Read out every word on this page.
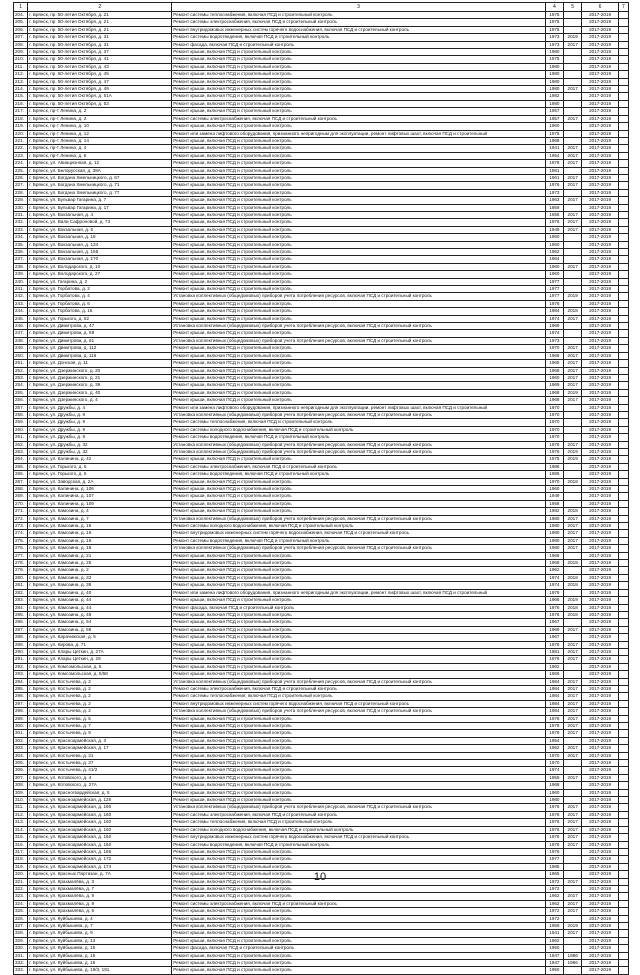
1	2	3	4	5	6	7
204.	г. Брянск, пр. 50-летия Октября, д. 21	Ремонт системы теплоснабжения, включая ПСД и строительный контроль	1975		2017-2019	
205.	г. Брянск, пр. 50-летия Октября, д. 21	Ремонт системы электроснабжения, включая ПСД и строительный контроль	1975		2017-2019	
206.	г. Брянск, пр. 50-летия Октября, д. 21	Ремонт внутридомовых инженерных систем горячего водоснабжения, включая ПСД и строительный контроль	1975		2017-2019	
207.	г. Брянск, пр. 50-летия Октября, д. 31	Ремонт системы водоотведения, включая ПСД и строительный контроль	1973	2019	2017-2019	
208.	г. Брянск, пр. 50-летия Октября, д. 31	Ремонт фасада, включая ПСД и строительный контроль	1973	2017	2017-2019	
209.	г. Брянск, пр. 50-летия Октября, д. 37	Ремонт крыши, включая ПСД и строительный контроль	1980		2017-2019	
210.	г. Брянск, пр. 50-летия Октября, д. 41	Ремонт крыши, включая ПСД и строительный контроль	1975		2017-2019	
211.	г. Брянск, пр. 50-летия Октября, д. 43	Ремонт крыши, включая ПСД и строительный контроль	1980		2017-2019	
212.	г. Брянск, пр. 50-летия Октября, д. 45	Ремонт крыши, включая ПСД и строительный контроль	1980		2017-2019	
213.	г. Брянск, пр. 50-летия Октября, д. 47	Ремонт крыши, включая ПСД и строительный контроль	1980		2017-2019	
214.	г. Брянск, пр. 50-летия Октября, д. 49	Ремонт крыши, включая ПСД и строительный контроль	1980	2017	2017-2019	
215.	г. Брянск, пр. 50-летия Октября, д. 51А	Ремонт крыши, включая ПСД и строительный контроль	1982		2017-2019	
216.	г. Брянск, пр. 50-летия Октября, д. 53	Ремонт крыши, включая ПСД и строительный контроль	1980		2017-2019	
217.	г. Брянск, пр-т Ленина, д. 2	Ремонт крыши, включая ПСД и строительный контроль	1957		2017-2019	
218.	г. Брянск, пр-т Ленина, д. 2	Ремонт системы электроснабжения, включая ПСД и строительный контроль	1957	2017	2017-2019	
219.	г. Брянск, пр-т Ленина, д. 10	Ремонт крыши, включая ПСД и строительный контроль	1960		2017-2019	
220.	г. Брянск, пр-т Ленина, д. 12	Ремонт или замена лифтового оборудования, признанного непригодным для эксплуатации, ремонт лифтовых шахт, включая ПСД и строительный	1975		2017-2019	
221.	г. Брянск, пр-т Ленина, д. 14	Ремонт крыши, включая ПСД и строительный контроль	1968		2017-2019	
222.	г. Брянск, пр-т Ленина, д. 4	Ремонт крыши, включая ПСД и строительный контроль	1941	2017	2017-2019	
223.	г. Брянск, пр-т Ленина, д. 6	Ремонт крыши, включая ПСД и строительный контроль	1954	2017	2017-2019	
224.	г. Брянск, ул. Авиационная, д. 12	Ремонт крыши, включая ПСД и строительный контроль	1978	2017	2017-2019	
225.	г. Брянск, ул. Белорусская, д. 38А	Ремонт крыши, включая ПСД и строительный контроль	1981		2017-2019	
226.	г. Брянск, ул. Богдана Хмельницкого, д. 67	Ремонт крыши, включая ПСД и строительный контроль	1961	2017	2017-2019	
227.	г. Брянск, ул. Богдана Хмельницкого, д. 71	Ремонт крыши, включая ПСД и строительный контроль	1976	2017	2017-2019	
228.	г. Брянск, ул. Богдана Хмельницкого, д. 77	Ремонт крыши, включая ПСД и строительный контроль	1973		2017-2019	
229.	г. Брянск, ул. Бульвар Гагарина, д. 7	Ремонт крыши, включая ПСД и строительный контроль	1963	2017	2017-2019	
230.	г. Брянск, ул. Бульвар Гагарина, д. 17	Ремонт крыши, включая ПСД и строительный контроль	1959		2017-2019	
231.	г. Брянск, ул. Вокзальная, д. 4	Ремонт крыши, включая ПСД и строительный контроль	1956	2017	2017-2019	
232.	г. Брянск, ул. Вали Сафроновой, д. 73	Ремонт крыши, включая ПСД и строительный контроль	1976	2017	2017-2019	
233.	г. Брянск, ул. Вокзальная, д. 6	Ремонт крыши, включая ПСД и строительный контроль	1949	2017	2017-2019	
234.	г. Брянск, ул. Вокзальная, д. 18	Ремонт крыши, включая ПСД и строительный контроль	1960		2017-2019	
235.	г. Брянск, ул. Вокзальная, д. 134	Ремонт крыши, включая ПСД и строительный контроль	1960		2017-2019	
236.	г. Брянск, ул. Вокзальная, д. 158	Ремонт крыши, включая ПСД и строительный контроль	1962		2017-2019	
237.	г. Брянск, ул. Вокзальная, д. 170	Ремонт крыши, включая ПСД и строительный контроль	1964		2017-2019	
238.	г. Брянск, ул. Володарского, д. 10	Ремонт крыши, включая ПСД и строительный контроль	1960	2017	2017-2019	
239.	г. Брянск, ул. Володарского, д. 27	Ремонт крыши, включая ПСД и строительный контроль	1960		2017-2019	
240.	г. Брянск, ул. Гагарина, д. 2	Ремонт крыши, включая ПСД и строительный контроль	1977		2017-2019	
241.	г. Брянск, ул. Горбатова, д. 2	Ремонт крыши, включая ПСД и строительный контроль	1977		2017-2019	
242.	г. Брянск, ул. Горбатова, д. 4	Установка коллективных (общедомовых) приборов учета потребления ресурсов, включая ПСД и строительный контроль	1977	2019	2017-2019	
243.	г. Брянск, ул. Горбатова, д. 6	Ремонт крыши, включая ПСД и строительный контроль	1976		2017-2019	
244.	г. Брянск, ул. Горбатова, д. 15	Ремонт крыши, включая ПСД и строительный контроль	1984	2018	2017-2019	
245.	г. Брянск, ул. Горького, д. 52	Ремонт крыши, включая ПСД и строительный контроль	1974	2017	2017-2019	
246.	г. Брянск, ул. Димитрова, д. 47	Установка коллективных (общедомовых) приборов учета потребления ресурсов, включая ПСД и строительный контроль	1969		2017-2019	
247.	г. Брянск, ул. Димитрова, д. 59	Ремонт крыши, включая ПСД и строительный контроль	1974		2017-2019	
248.	г. Брянск, ул. Димитрова, д. 61	Установка коллективных (общедомовых) приборов учета потребления ресурсов, включая ПСД и строительный контроль	1973		2017-2019	
249.	г. Брянск, ул. Димитрова, д. 112	Ремонт крыши, включая ПСД и строительный контроль	1970	2017	2017-2019	
250.	г. Брянск, ул. Димитрова, д. 116	Ремонт крыши, включая ПСД и строительный контроль	1968	2017	2017-2019	
251.	г. Брянск, ул. Донская, д. 11	Ремонт крыши, включая ПСД и строительный контроль	1965	2017	2017-2019	
252.	г. Брянск, ул. Дзержинского, д. 20	Ремонт крыши, включая ПСД и строительный контроль	1968	2017	2017-2019	
253.	г. Брянск, ул. Дзержинского, д. 21	Ремонт крыши, включая ПСД и строительный контроль	1960	2017	2017-2019	
254.	г. Брянск, ул. Дзержинского, д. 39	Ремонт крыши, включая ПСД и строительный контроль	1969	2017	2017-2019	
255.	г. Брянск, ул. Дзержинского, д. 40	Ремонт крыши, включая ПСД и строительный контроль	1968	2019	2017-2019	
256.	г. Брянск, ул. Дзержинского, д. 4	Ремонт крыши, включая ПСД и строительный контроль	1968	2017	2017-2019	
257.	г. Брянск, ул. Дружбы, д. 4	Ремонт или замена лифтового оборудования, признанного непригодным для эксплуатации, ремонт лифтовых шахт, включая ПСД и строительный	1970		2017-2019	
258.	г. Брянск, ул. Дружбы, д. 9	Установка коллективных (общедомовых) приборов учета потребления ресурсов, включая ПСД и строительный контроль	1970		2017-2019	
259.	г. Брянск, ул. Дружбы, д. 9	Ремонт системы теплоснабжения, включая ПСД и строительный контроль	1970		2017-2019	
260.	г. Брянск, ул. Дружбы, д. 9	Ремонт системы холодного водоснабжения, включая ПСД и строительный контроль	1970		2017-2019	
261.	г. Брянск, ул. Дружбы, д. 9	Ремонт системы водоотведения, включая ПСД и строительный контроль	1970		2017-2019	
262.	г. Брянск, ул. Дружбы, д. 32	Установка коллективных (общедомовых) приборов учета потребления ресурсов, включая ПСД и строительный контроль	1976	2017	2017-2019	
263.	г. Брянск, ул. Дружбы, д. 32	Установка коллективных (общедомовых) приборов учета потребления ресурсов, включая ПСД и строительный контроль	1976	2019	2017-2019	
264.	г. Брянск, ул. Калинина, д. 42	Ремонт крыши, включая ПСД и строительный контроль	1975	2019	2017-2019	
265.	г. Брянск, ул. Горького, д. 6	Ремонт системы электроснабжения, включая ПСД и строительный контроль	1986		2017-2019	
266.	г. Брянск, ул. Горького, д. 6	Ремонт системы водоотведения, включая ПСД и строительный контроль	1986		2017-2019	
267.	г. Брянск, ул. Заводская, д. 2А	Ремонт крыши, включая ПСД и строительный контроль	1970	2018	2017-2019	
268.	г. Брянск, ул. Калинина, д. 106	Ремонт крыши, включая ПСД и строительный контроль	1960		2017-2019	
269.	г. Брянск, ул. Калинина, д. 107	Ремонт крыши, включая ПСД и строительный контроль	1949		2017-2019	
270.	г. Брянск, ул. Калинина, д. 109	Ремонт крыши, включая ПСД и строительный контроль	1958		2017-2019	
271.	г. Брянск, ул. Камозина, д. 4	Ремонт крыши, включая ПСД и строительный контроль	1982	2018	2017-2019	
272.	г. Брянск, ул. Камозина, д. 7	Установка коллективных (общедомовых) приборов учета потребления ресурсов, включая ПСД и строительный контроль	1980	2017	2017-2019	
273.	г. Брянск, ул. Камозина, д. 16	Ремонт системы холодного водоснабжения, включая ПСД и строительный контроль	1980	2017	2017-2019	
274.	г. Брянск, ул. Камозина, д. 16	Ремонт внутридомовых инженерных систем горячего водоснабжения, включая ПСД и строительный контроль	1980	2017	2017-2019	
275.	г. Брянск, ул. Камозина, д. 16	Ремонт системы водоотведения, включая ПСД и строительный контроль	1980	2017	2017-2019	
276.	г. Брянск, ул. Камозина, д. 18	Установка коллективных (общедомовых) приборов учета потребления ресурсов, включая ПСД и строительный контроль	1980	2017	2017-2019	
277.	г. Брянск, ул. Камозина, д. 21	Ремонт крыши, включая ПСД и строительный контроль	1968		2017-2019	
278.	г. Брянск, ул. Камозина, д. 25	Ремонт крыши, включая ПСД и строительный контроль	1968	2018	2017-2019	
279.	г. Брянск, ул. Камозина, д. 2	Ремонт крыши, включая ПСД и строительный контроль	1962		2017-2019	
280.	г. Брянск, ул. Камозина, д. 32	Ремонт крыши, включая ПСД и строительный контроль	1974	2018	2017-2019	
281.	г. Брянск, ул. Камозина, д. 36	Ремонт крыши, включая ПСД и строительный контроль	1974	2018	2017-2019	
282.	г. Брянск, ул. Камозина, д. 40	Ремонт или замена лифтового оборудования, признанного непригодным для эксплуатации, ремонт лифтовых шахт, включая ПСД и строительный	1976		2017-2019	
283.	г. Брянск, ул. Камозина, д. 44	Ремонт крыши, включая ПСД и строительный контроль	1966	2019	2017-2019	
284.	г. Брянск, ул. Камозина, д. 44	Ремонт фасада, включая ПСД и строительный контроль	1976	2018	2017-2019	
285.	г. Брянск, ул. Камозина, д. 48	Ремонт крыши, включая ПСД и строительный контроль	1976	2018	2017-2019	
286.	г. Брянск, ул. Камозина, д. 54	Ремонт крыши, включая ПСД и строительный контроль	1967		2017-2019	
287.	г. Брянск, ул. Камозина, д. 56	Ремонт крыши, включая ПСД и строительный контроль	1969	2017	2017-2019	
288.	г. Брянск, ул. Карачижская, д. 5	Ремонт крыши, включая ПСД и строительный контроль	1967		2017-2019	
289.	г. Брянск, ул. Кирова, д. 71	Ремонт крыши, включая ПСД и строительный контроль	1976	2017	2017-2019	
290.	г. Брянск, ул. Клары Цеткин, д. 27А	Ремонт крыши, включая ПСД и строительный контроль	1981	2017	2017-2019	
291.	г. Брянск, ул. Клары Цеткин, д. 29	Ремонт крыши, включая ПСД и строительный контроль	1976	2017	2017-2019	
292.	г. Брянск, ул. Комсомольская, д. 5	Ремонт крыши, включая ПСД и строительный контроль	1962		2017-2019	
293.	г. Брянск, ул. Комсомольская, д. 5/58	Ремонт крыши, включая ПСД и строительный контроль	1966		2017-2019	
294.	г. Брянск, ул. Костычева, д. 2	Установка коллективных (общедомовых) приборов учета потребления ресурсов, включая ПСД и строительный контроль	1984	2017	2017-2019	
295.	г. Брянск, ул. Костычева, д. 2	Ремонт системы электроснабжения, включая ПСД и строительный контроль	1984	2017	2017-2019	
296.	г. Брянск, ул. Костычева, д. 2	Ремонт системы теплоснабжения, включая ПСД и строительный контроль	1984	2017	2017-2019	
297.	г. Брянск, ул. Костычева, д. 2	Ремонт внутридомовых инженерных систем горячего водоснабжения, включая ПСД и строительный контроль	1984	2017	2017-2019	
298.	г. Брянск, ул. Костычева, д. 2	Установка коллективных (общедомовых) приборов учета потребления ресурсов, включая ПСД и строительный контроль	1984	2017	2017-2019	
299.	г. Брянск, ул. Костычева, д. 5	Ремонт крыши, включая ПСД и строительный контроль	1976	2017	2017-2019	
300.	г. Брянск, ул. Костычева, д. 7	Ремонт крыши, включая ПСД и строительный контроль	1978	2017	2017-2019	
301.	г. Брянск, ул. Костычева, д. 9	Ремонт крыши, включая ПСД и строительный контроль	1978	2017	2017-2019	
302.	г. Брянск, ул. Красноармейская, д. 3	Ремонт крыши, включая ПСД и строительный контроль	1954		2017-2019	
303.	г. Брянск, ул. Красноармейская, д. 17	Ремонт крыши, включая ПСД и строительный контроль	1962	2017	2017-2019	
304.	г. Брянск, ул. Костычева, д. 31	Ремонт крыши, включая ПСД и строительный контроль	1970	2017	2017-2019	
305.	г. Брянск, ул. Костычева, д. 37	Ремонт крыши, включая ПСД и строительный контроль	1970		2017-2019	
306.	г. Брянск, ул. Костычева, д. 41/2	Ремонт крыши, включая ПСД и строительный контроль	1974		2017-2019	
307.	г. Брянск, ул. Котовского, д. 4	Ремонт крыши, включая ПСД и строительный контроль	1959	2017	2017-2019	
308.	г. Брянск, ул. Котовского, д. 27А	Ремонт крыши, включая ПСД и строительный контроль	1968		2017-2019	
309.	г. Брянск, ул. Красногвардейская, д. 5	Ремонт крыши, включая ПСД и строительный контроль	1960		2017-2019	
310.	г. Брянск, ул. Красноармейская, д. 126	Ремонт крыши, включая ПСД и строительный контроль	1980		2017-2019	
311.	г. Брянск, ул. Красноармейская, д. 160	Установка коллективных (общедомовых) приборов учета потребления ресурсов, включая ПСД и строительный контроль	1976	2017	2017-2019	
312.	г. Брянск, ул. Красноармейская, д. 160	Ремонт системы электроснабжения, включая ПСД и строительный контроль	1976	2017	2017-2019	
313.	г. Брянск, ул. Красноармейская, д. 160	Ремонт системы теплоснабжения, включая ПСД и строительный контроль	1976	2017	2017-2019	
314.	г. Брянск, ул. Красноармейская, д. 160	Ремонт системы холодного водоснабжения, включая ПСД и строительный контроль	1976	2017	2017-2019	
315.	г. Брянск, ул. Красноармейская, д. 160	Ремонт внутридомовых инженерных систем горячего водоснабжения, включая ПСД и строительный контроль	1976	2017	2017-2019	
316.	г. Брянск, ул. Красноармейская, д. 160	Ремонт системы водоотведения, включая ПСД и строительный контроль	1976	2017	2017-2019	
317.	г. Брянск, ул. Красноармейская, д. 166	Ремонт крыши, включая ПСД и строительный контроль	1976		2017-2019	
318.	г. Брянск, ул. Красноармейская, д. 172	Ремонт крыши, включая ПСД и строительный контроль	1977		2017-2019	
319.	г. Брянск, ул. Красноармейская, д. 174	Ремонт крыши, включая ПСД и строительный контроль	1985		2017-2019	
320.	г. Брянск, ул. Красных Партизан, д. 7А	Ремонт крыши, включая ПСД и строительный контроль	1965		2017-2019	
321.	г. Брянск, ул. Крахмалёва, д. 3	Ремонт крыши, включая ПСД и строительный контроль	1972	2017	2017-2019	
322.	г. Брянск, ул. Крахмалёва, д. 7	Ремонт крыши, включая ПСД и строительный контроль	1972		2017-2019	
323.	г. Брянск, ул. Крахмалёва, д. 9	Ремонт крыши, включая ПСД и строительный контроль	1962	2017	2017-2019	
324.	г. Брянск, ул. Крахмалёва, д. 9	Ремонт системы электроснабжения, включая ПСД и строительный контроль	1962	2017	2017-2019	
325.	г. Брянск, ул. Крахмалёва, д. 5	Ремонт крыши, включая ПСД и строительный контроль	1972	2017	2017-2019	
326.	г. Брянск, ул. Куйбышева, д. 4	Ремонт крыши, включая ПСД и строительный контроль	1972		2017-2019	
327.	г. Брянск, ул. Куйбышева, д. 7	Ремонт крыши, включая ПСД и строительный контроль	1959	2019	2017-2019	
328.	г. Брянск, ул. Куйбышева, д. 9	Ремонт крыши, включая ПСД и строительный контроль	1941	2017	2017-2019	
329.	г. Брянск, ул. Куйбышева, д. 13	Ремонт крыши, включая ПСД и строительный контроль	1962		2017-2019	
330.	г. Брянск, ул. Куйбышева, д. 15	Ремонт фасада, включая ПСД и строительный контроль	1950		2017-2019	
331.	г. Брянск, ул. Куйбышева, д. 15	Ремонт крыши, включая ПСД и строительный контроль	1947	1986	2017-2019	
332.	г. Брянск, ул. Куйбышева, д. 15	Ремонт крыши, включая ПСД и строительный контроль	1947	1986	2017-2019	
333.	г. Брянск, ул. Куйбышева, д. 19/3, 181	Ремонт крыши, включая ПСД и строительный контроль	1950		2017-2019	
10
